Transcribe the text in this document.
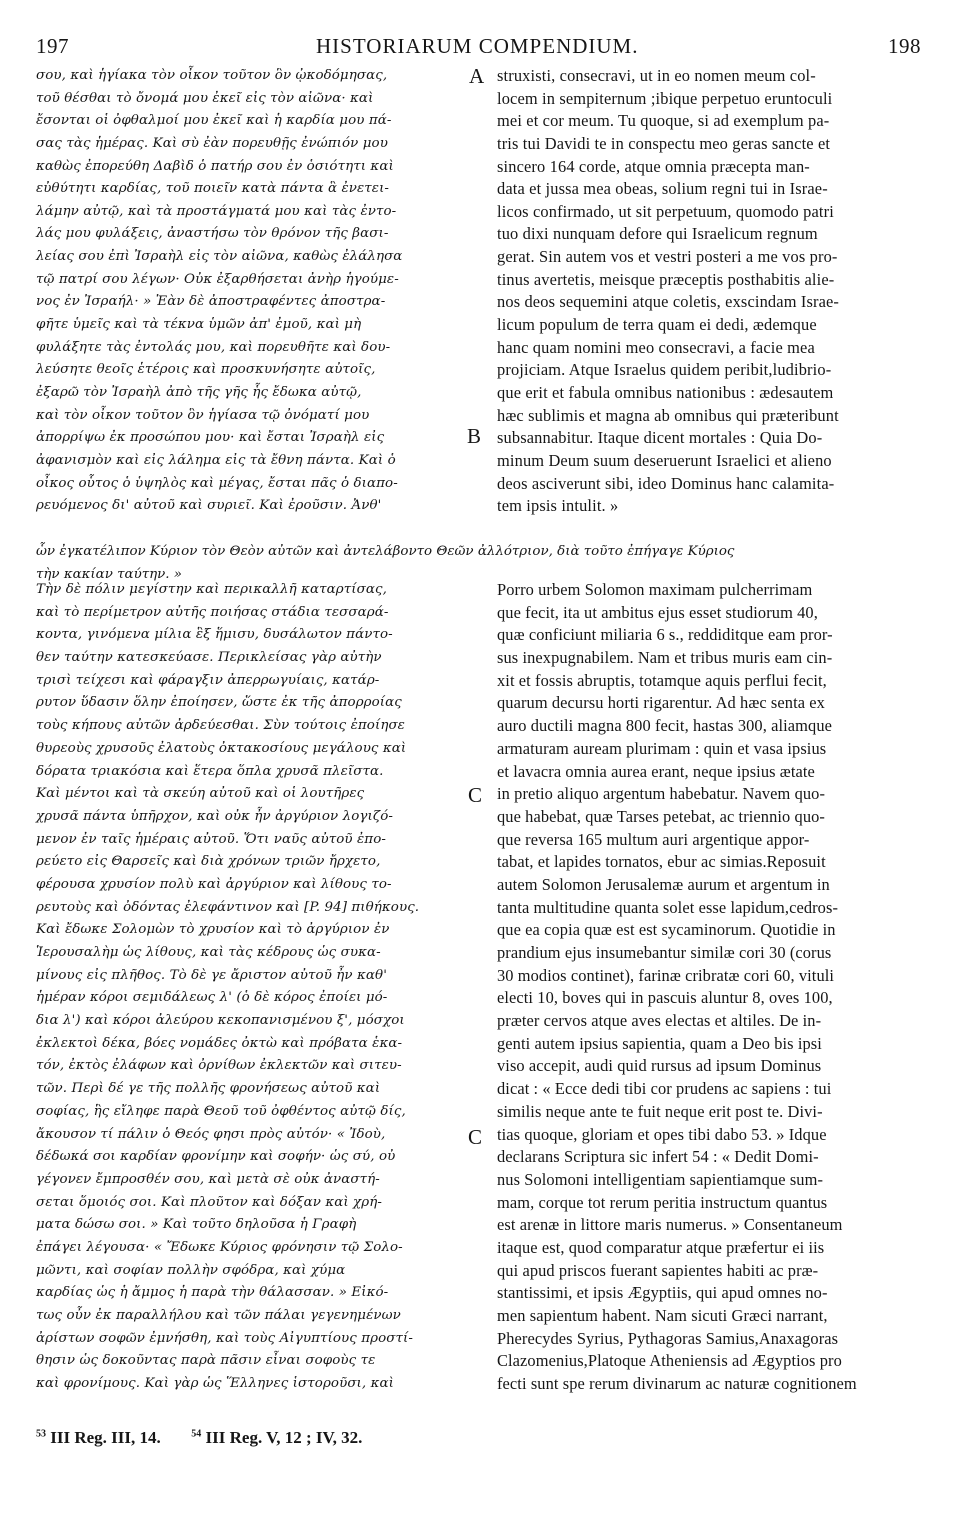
197	HISTORIARUM COMPENDIUM.	198
σου, καὶ ἡγίακα τὸν οἶκον τοῦτον ὃν ᾠκοδόμησας,
τοῦ θέσθαι τὸ ὄνομά μου ἐκεῖ εἰς τὸν αἰῶνα· καὶ
ἔσονται οἱ ὀφθαλμοί μου ἐκεῖ καὶ ἡ καρδία μου πά-
σας τὰς ἡμέρας. Καὶ σὺ ἐὰν πορευθῇς ἐνώπιόν μου
καθὼς ἐπορεύθη Δαβὶδ ὁ πατήρ σου ἐν ὁσιότητι καὶ
εὐθύτητι καρδίας, τοῦ ποιεῖν κατὰ πάντα ἃ ἐνετει-
λάμην αὐτῷ, καὶ τὰ προστάγματά μου καὶ τὰς ἐντο-
λάς μου φυλάξεις, ἀναστήσω τὸν θρόνον τῆς βασι-
λείας σου ἐπὶ Ἰσραὴλ εἰς τὸν αἰῶνα, καθὼς ἐλάλησα
τῷ πατρί σου λέγων· Οὐκ ἐξαρθήσεται ἀνὴρ ἡγούμε-
νος ἐν Ἰσραήλ· » Ἐὰν δὲ ἀποστραφέντες ἀποστρα-
φῆτε ὑμεῖς καὶ τὰ τέκνα ὑμῶν ἀπ' ἐμοῦ, καὶ μὴ
φυλάξητε τὰς ἐντολάς μου, καὶ πορευθῆτε καὶ δου-
λεύσητε θεοῖς ἑτέροις καὶ προσκυνήσητε αὐτοῖς,
ἐξαρῶ τὸν Ἰσραὴλ ἀπὸ τῆς γῆς ἧς ἔδωκα αὐτῷ,
καὶ τὸν οἶκον τοῦτον ὃν ἡγίασα τῷ ὀνόματί μου
ἀπορρίψω ἐκ προσώπου μου· καὶ ἔσται Ἰσραὴλ εἰς
ἀφανισμὸν καὶ εἰς λάλημα εἰς τὰ ἔθνη πάντα. Καὶ ὁ
οἶκος οὗτος ὁ ὑψηλὸς καὶ μέγας, ἔσται πᾶς ὁ διαπο-
ρευόμενος δι' αὐτοῦ καὶ συριεῖ. Καὶ ἐροῦσιν. Ἀνθ'
struxisti, consecravi, ut in eo nomen meum col-
locem in sempiternum ;ibique perpetuo eruntoculi
mei et cor meum. Tu quoque, si ad exemplum pa-
tris tui Davidi te in conspectu meo geras sancte et
sincero 164 corde, atque omnia præcepta man-
data et jussa mea obeas, solium regni tui in Israe-
licos confirmado, ut sit perpetuum, quomodo patri
tuo dixi nunquam defore qui Israelicum regnum
gerat. Sin autem vos et vestri posteri a me vos pro-
tinus avertetis, meisque præceptis posthabitis alie-
nos deos sequemini atque coletis, exscindam Israe-
licum populum de terra quam ei dedi, ædemque
hanc quam nomini meo consecravi, a facie mea
projiciam. Atque Israelus quidem peribit,ludibrio-
que erit et fabula omnibus nationibus : ædesautem
hæc sublimis et magna ab omnibus qui præteribunt
subsannabitur. Itaque dicent mortales : Quia Do-
minum Deum suum deseruerunt Israelici et alieno
deos asciverunt sibi, ideo Dominus hanc calamita-
tem ipsis intulit. »
ὧν ἐγκατέλιπον Κύριον τὸν Θεὸν αὐτῶν καὶ ἀντελάβοντο Θεῶν ἀλλότριον, διὰ τοῦτο ἐπήγαγε Κύριος
τὴν κακίαν ταύτην. »
Τὴν δὲ πόλιν μεγίστην καὶ περικαλλῆ καταρτίσας,
καὶ τὸ περίμετρον αὐτῆς ποιήσας στάδια τεσσαρά-
κοντα, γινόμενα μίλια ἓξ ἥμισυ, δυσάλωτον πάντο-
θεν ταύτην κατεσκεύασε. Περικλείσας γὰρ αὐτὴν
τρισὶ τείχεσι καὶ φάραγξιν ἀπερρωγυίαις, κατάρ-
ρυτον ὕδασιν ὅλην ἐποίησεν, ὥστε ἐκ τῆς ἀπορροίας
τοὺς κήπους αὐτῶν ἀρδεύεσθαι. Σὺν τούτοις ἐποίησε
θυρεοὺς χρυσοῦς ἐλατοὺς ὀκτακοσίους μεγάλους καὶ
δόρατα τριακόσια καὶ ἕτερα ὅπλα χρυσᾶ πλεῖστα.
Καὶ μέντοι καὶ τὰ σκεύη αὐτοῦ καὶ οἱ λουτῆρες
χρυσᾶ πάντα ὑπῆρχον, καὶ οὐκ ἦν ἀργύριον λογιζό-
μενον ἐν ταῖς ἡμέραις αὐτοῦ. Ὅτι ναῦς αὐτοῦ ἐπο-
ρεύετο εἰς Θαρσεῖς καὶ διὰ χρόνων τριῶν ἤρχετο,
φέρουσα χρυσίον πολὺ καὶ ἀργύριον καὶ λίθους το-
ρευτοὺς καὶ ὀδόντας ἐλεφάντινον καὶ [P. 94] πιθήκους.
Καὶ ἔδωκε Σολομὼν τὸ χρυσίον καὶ τὸ ἀργύριον ἐν
Ἱερουσαλὴμ ὡς λίθους, καὶ τὰς κέδρους ὡς συκα-
μίνους εἰς πλῆθος. Τὸ δὲ γε ἄριστον αὐτοῦ ἦν καθ'
ἡμέραν κόροι σεμιδάλεως λ' (ὁ δὲ κόρος ἐποίει μό-
δια λ') καὶ κόροι ἀλεύρου κεκοπανισμένου ξ', μόσχοι
ἐκλεκτοὶ δέκα, βόες νομάδες ὀκτὼ καὶ πρόβατα ἑκα-
τόν, ἐκτὸς ἐλάφων καὶ ὀρνίθων ἐκλεκτῶν καὶ σιτευ-
τῶν. Περὶ δέ γε τῆς πολλῆς φρονήσεως αὐτοῦ καὶ
σοφίας, ἣς εἴληφε παρὰ Θεοῦ τοῦ ὀφθέντος αὐτῷ δίς,
ἄκουσον τί πάλιν ὁ Θεός φησι πρὸς αὐτόν· « Ἰδοὺ,
δέδωκά σοι καρδίαν φρονίμην καὶ σοφήν· ὡς σύ, οὐ
γέγονεν ἔμπροσθέν σου, καὶ μετὰ σὲ οὐκ ἀναστή-
σεται ὅμοιός σοι. Καὶ πλοῦτον καὶ δόξαν καὶ χρή-
ματα δώσω σοι. » Καὶ τοῦτο δηλοῦσα ἡ Γραφὴ
ἐπάγει λέγουσα· « Ἔδωκε Κύριος φρόνησιν τῷ Σολο-
μῶντι, καὶ σοφίαν πολλὴν σφόδρα, καὶ χύμα
καρδίας ὡς ἡ ἄμμος ἡ παρὰ τὴν θάλασσαν. » Εἰκό-
τως οὖν ἐκ παραλλήλου καὶ τῶν πάλαι γεγενημένων
ἀρίστων σοφῶν ἐμνήσθη, καὶ τοὺς Αἰγυπτίους προστί-
θησιν ὡς δοκοῦντας παρὰ πᾶσιν εἶναι σοφοὺς τε
καὶ φρονίμους. Καὶ γὰρ ὡς Ἕλληνες ἱστοροῦσι, καὶ
Porro urbem Solomon maximam pulcherrimam
que fecit, ita ut ambitus ejus esset studiorum 40,
quæ conficiunt miliaria 6 s., reddiditque eam pror-
sus inexpugnabilem. Nam et tribus muris eam cin-
xit et fossis abruptis, totamque aquis perflui fecit,
quarum decursu horti rigarentur. Ad hæc senta ex
auro ductili magna 800 fecit, hastas 300, aliamque
armaturam auream plurimam : quin et vasa ipsius
et lavacra omnia aurea erant, neque ipsius ætate
in pretio aliquo argentum habebatur. Navem quo-
que habebat, quæ Tarses petebat, ac triennio quo-
que reversa 165 multum auri argentique appor-
tabat, et lapides tornatos, ebur ac simias.Reposuit
autem Solomon Jerusalemæ aurum et argentum in
tanta multitudine quanta solet esse lapidum,cedros-
que ea copia quæ est est sycaminorum. Quotidie in
prandium ejus insumebantur similæ cori 30 (corus
30 modios continet), farinæ cribratæ cori 60, vituli
electi 10, boves qui in pascuis aluntur 8, oves 100,
præter cervos atque aves electas et altiles. De in-
genti autem ipsius sapientia, quam a Deo bis ipsi
viso accepit, audi quid rursus ad ipsum Dominus
dicat : « Ecce dedi tibi cor prudens ac sapiens : tui
similis neque ante te fuit neque erit post te. Divi-
tias quoque, gloriam et opes tibi dabo 53. » Idque
declarans Scriptura sic infert 54 : « Dedit Domi-
nus Solomoni intelligentiam sapientiamque sum-
mam, corque tot rerum peritia instructum quantus
est arenæ in littore maris numerus. » Consentaneum
itaque est, quod comparatur atque præfertur ei iis
qui apud priscos fuerant sapientes habiti ac præ-
stantissimi, et ipsis Ægyptiis, qui apud omnes no-
men sapientum habent. Nam sicuti Græci narrant,
Pherecydes Syrius, Pythagoras Samius,Anaxagoras
Clazomenius,Platoque Atheniensis ad Ægyptios pro
fecti sunt spe rerum divinarum ac naturæ cognitionem
A
B
C
C
$^{53}$ III Reg. III, 14.	$^{54}$ III Reg. V, 12 ; IV, 32.
